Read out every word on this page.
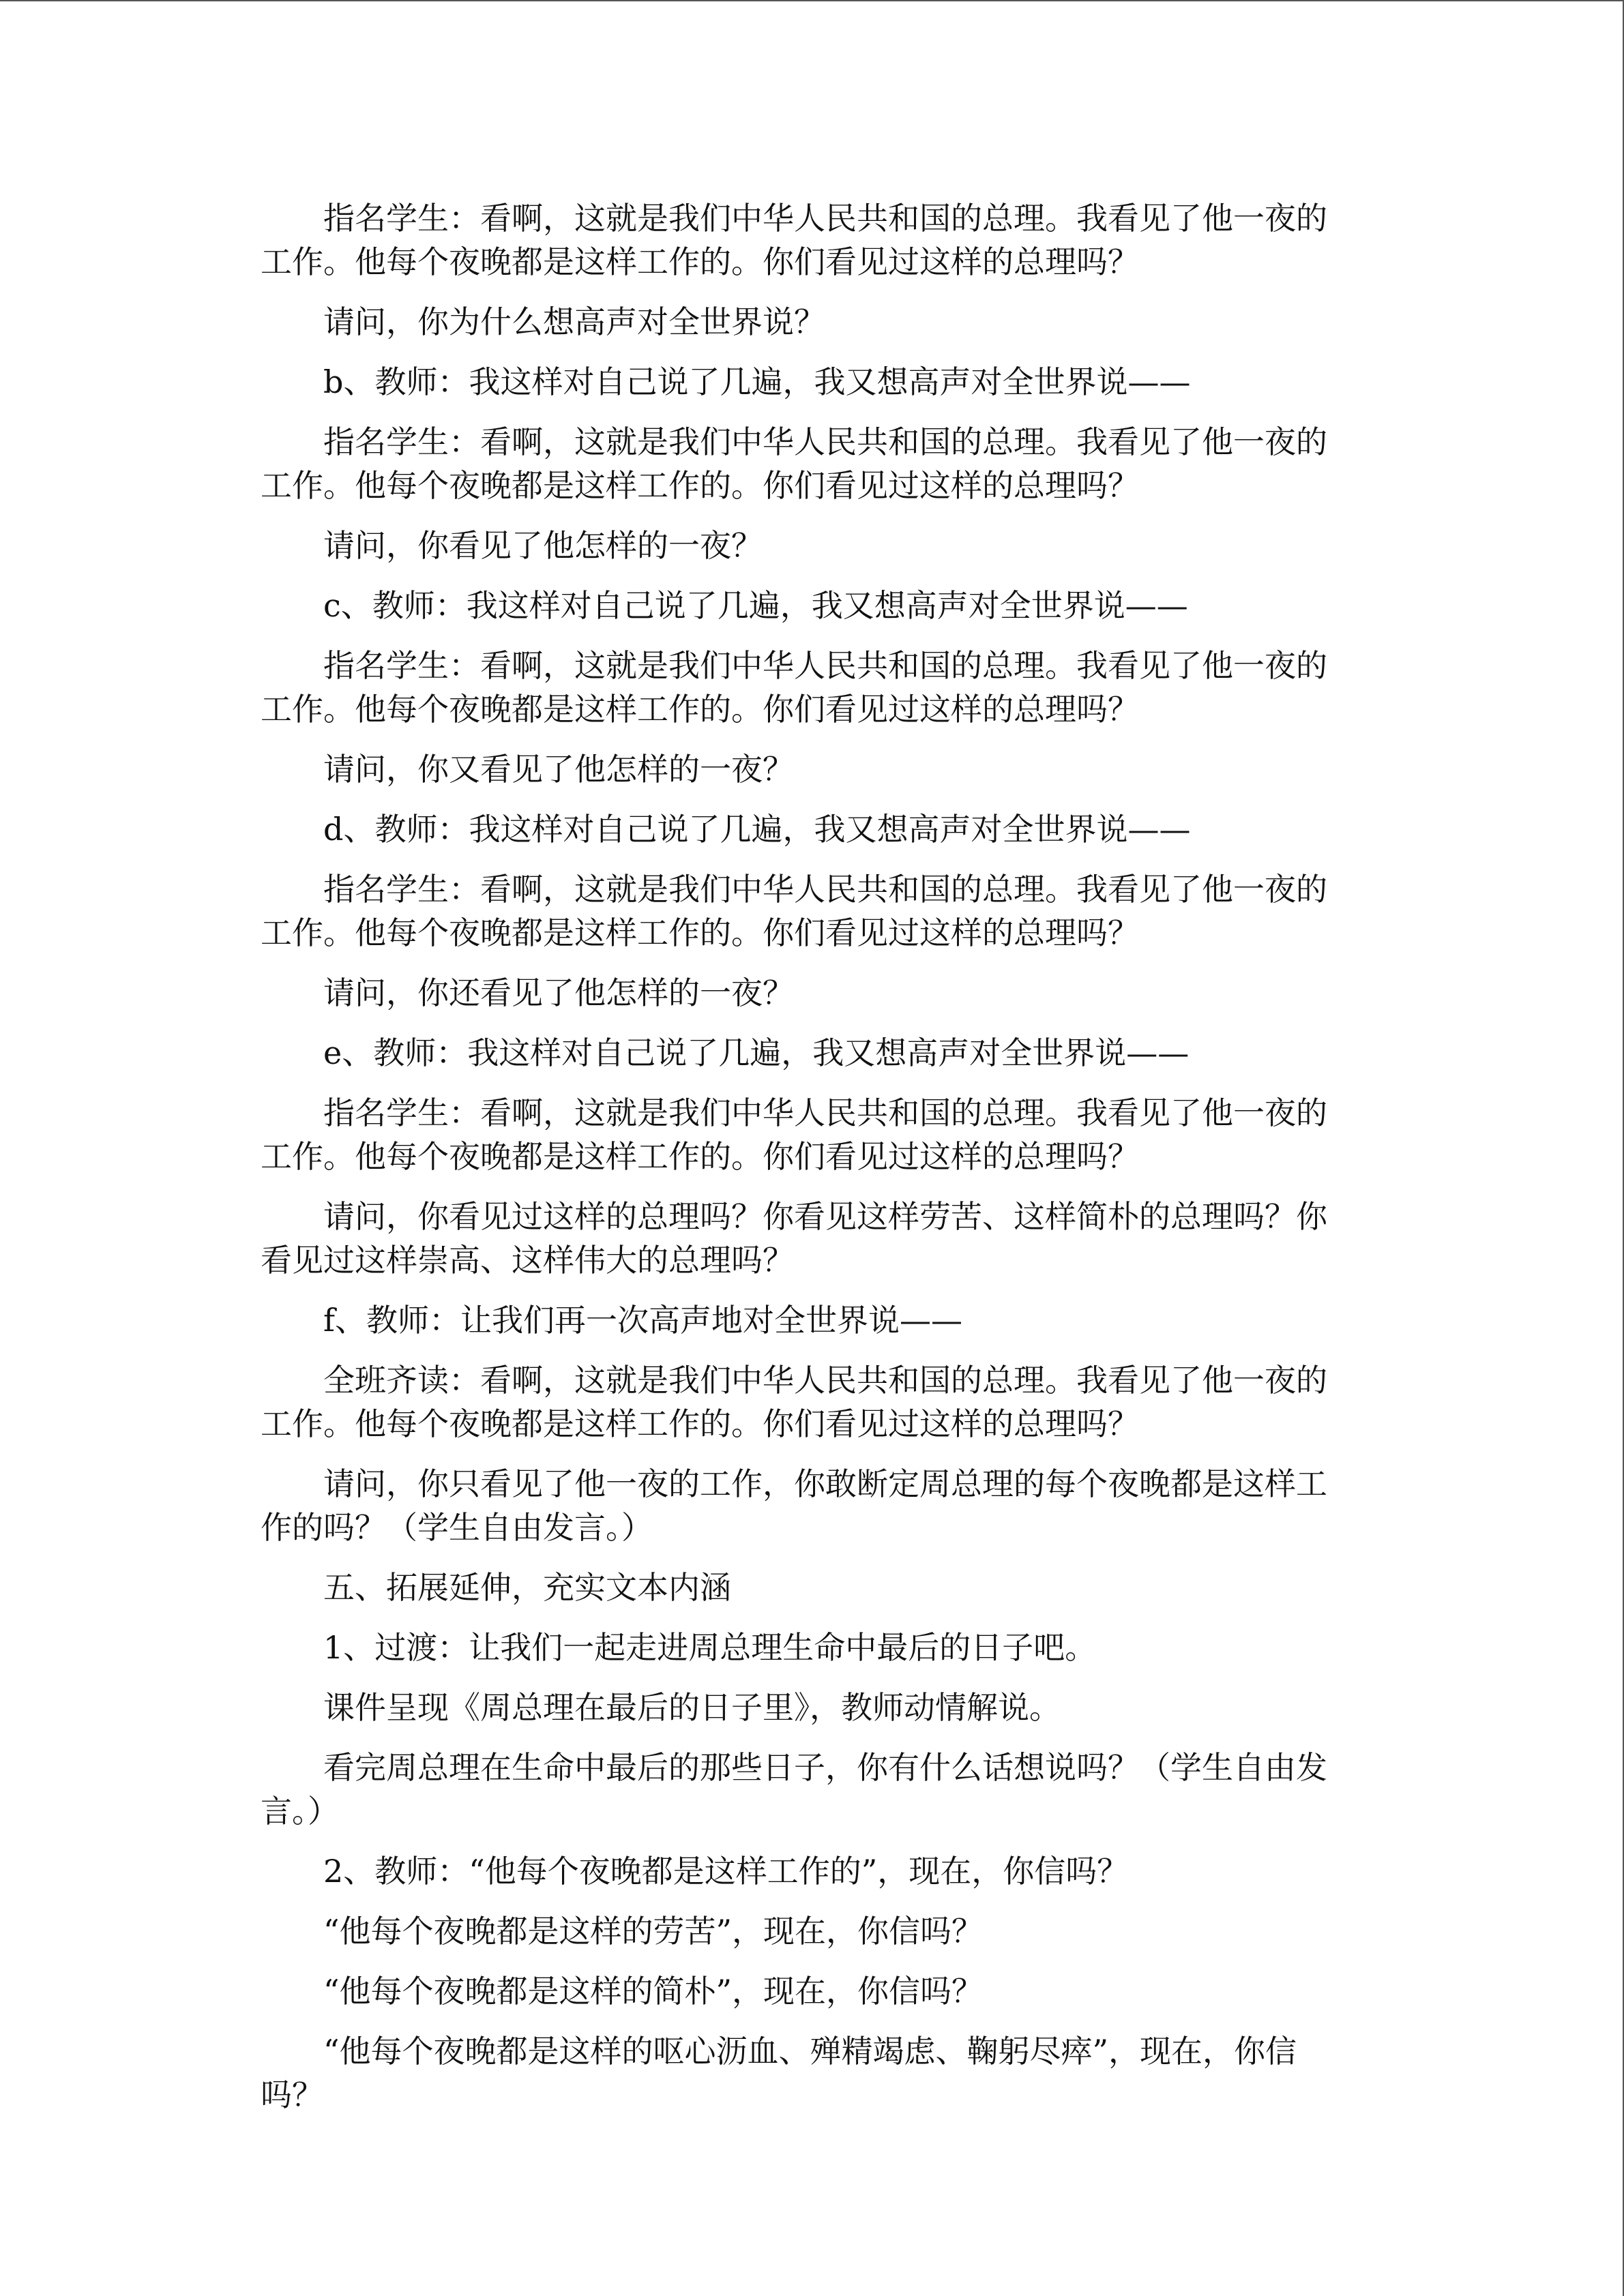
指名学生：看啊，这就是我们中华人民共和国的总理。我看见了他一夜的工作。他每个夜晚都是这样工作的。你们看见过这样的总理吗？

请问，你为什么想高声对全世界说？

b、教师：我这样对自己说了几遍，我又想高声对全世界说——

指名学生：看啊，这就是我们中华人民共和国的总理。我看见了他一夜的工作。他每个夜晚都是这样工作的。你们看见过这样的总理吗？

请问，你看见了他怎样的一夜？

c、教师：我这样对自己说了几遍，我又想高声对全世界说——

指名学生：看啊，这就是我们中华人民共和国的总理。我看见了他一夜的工作。他每个夜晚都是这样工作的。你们看见过这样的总理吗？

请问，你又看见了他怎样的一夜？

d、教师：我这样对自己说了几遍，我又想高声对全世界说——

指名学生：看啊，这就是我们中华人民共和国的总理。我看见了他一夜的工作。他每个夜晚都是这样工作的。你们看见过这样的总理吗？

请问，你还看见了他怎样的一夜？

e、教师：我这样对自己说了几遍，我又想高声对全世界说——

指名学生：看啊，这就是我们中华人民共和国的总理。我看见了他一夜的工作。他每个夜晚都是这样工作的。你们看见过这样的总理吗？

请问，你看见过这样的总理吗？你看见这样劳苦、这样简朴的总理吗？你看见过这样崇高、这样伟大的总理吗？

f、教师：让我们再一次高声地对全世界说——

全班齐读：看啊，这就是我们中华人民共和国的总理。我看见了他一夜的工作。他每个夜晚都是这样工作的。你们看见过这样的总理吗？

请问，你只看见了他一夜的工作，你敢断定周总理的每个夜晚都是这样工作的吗？（学生自由发言。）

五、拓展延伸，充实文本内涵

1、过渡：让我们一起走进周总理生命中最后的日子吧。

课件呈现《周总理在最后的日子里》，教师动情解说。

看完周总理在生命中最后的那些日子，你有什么话想说吗？（学生自由发言。）

2、教师：“他每个夜晚都是这样工作的”，现在，你信吗？

“他每个夜晚都是这样的劳苦”，现在，你信吗？

“他每个夜晚都是这样的简朴”，现在，你信吗？

“他每个夜晚都是这样的呕心沥血、殚精竭虑、鞠躬尽瘁”，现在，你信吗？
